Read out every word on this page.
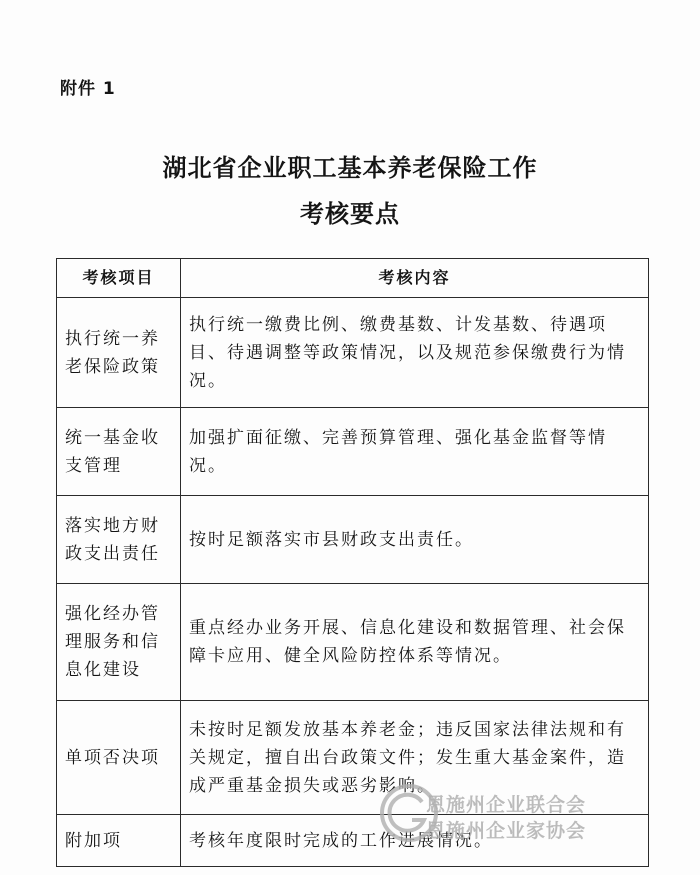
附件 1
湖北省企业职工基本养老保险工作
考核要点
考核项目	考核内容
执行统一养老保险政策	执行统一缴费比例、缴费基数、计发基数、待遇项目、待遇调整等政策情况，以及规范参保缴费行为情况。
统一基金收支管理	加强扩面征缴、完善预算管理、强化基金监督等情况。
落实地方财政支出责任	按时足额落实市县财政支出责任。
强化经办管理服务和信息化建设	重点经办业务开展、信息化建设和数据管理、社会保障卡应用、健全风险防控体系等情况。
单项否决项	未按时足额发放基本养老金；违反国家法律法规和有关规定，擅自出台政策文件；发生重大基金案件，造成严重基金损失或恶劣影响。
附加项	考核年度限时完成的工作进展情况。
恩施州企业联合会
恩施州企业家协会
